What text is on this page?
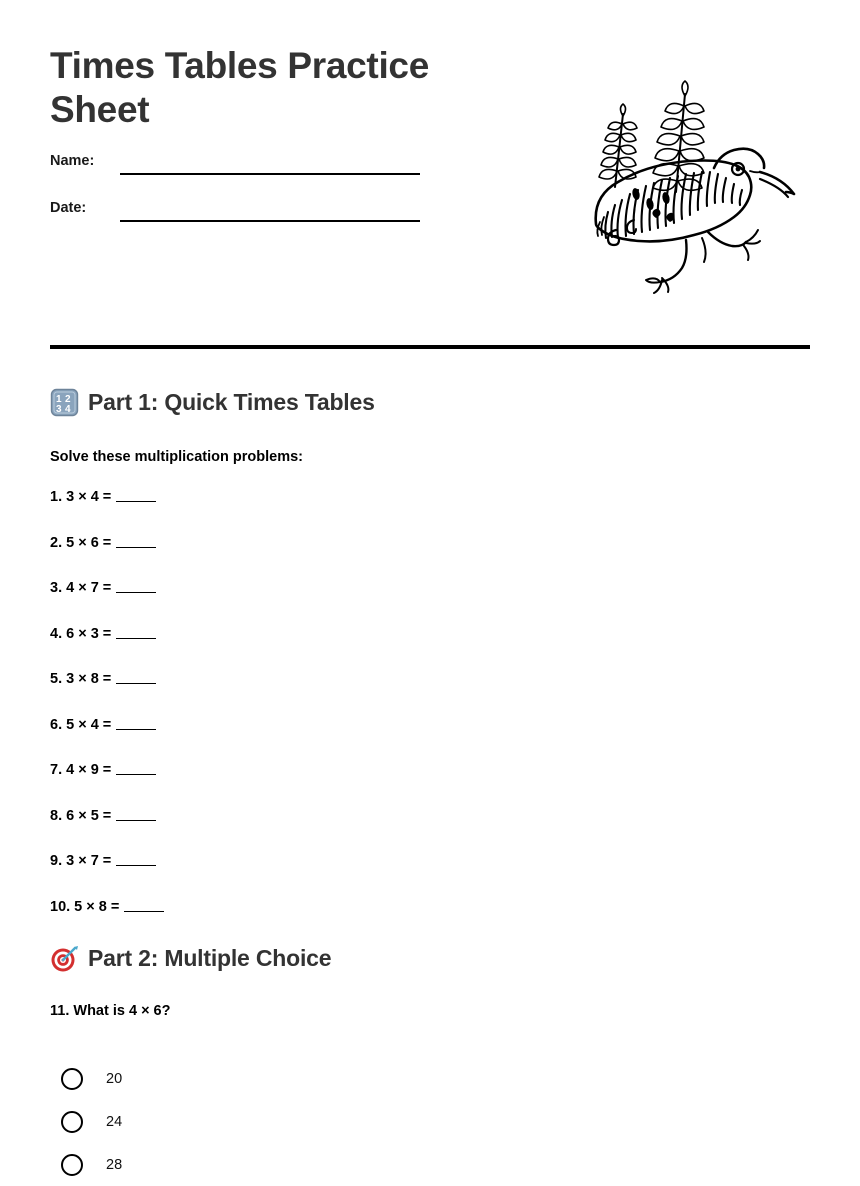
Times Tables Practice Sheet
Name:
Date:
1 2
3 4 Part 1: Quick Times Tables
Solve these multiplication problems:
1. 3 × 4 =
2. 5 × 6 =
3. 4 × 7 =
4. 6 × 3 =
5. 3 × 8 =
6. 5 × 4 =
7. 4 × 9 =
8. 6 × 5 =
9. 3 × 7 =
10. 5 × 8 =
Part 2: Multiple Choice
11. What is 4 × 6?
20
24
28
